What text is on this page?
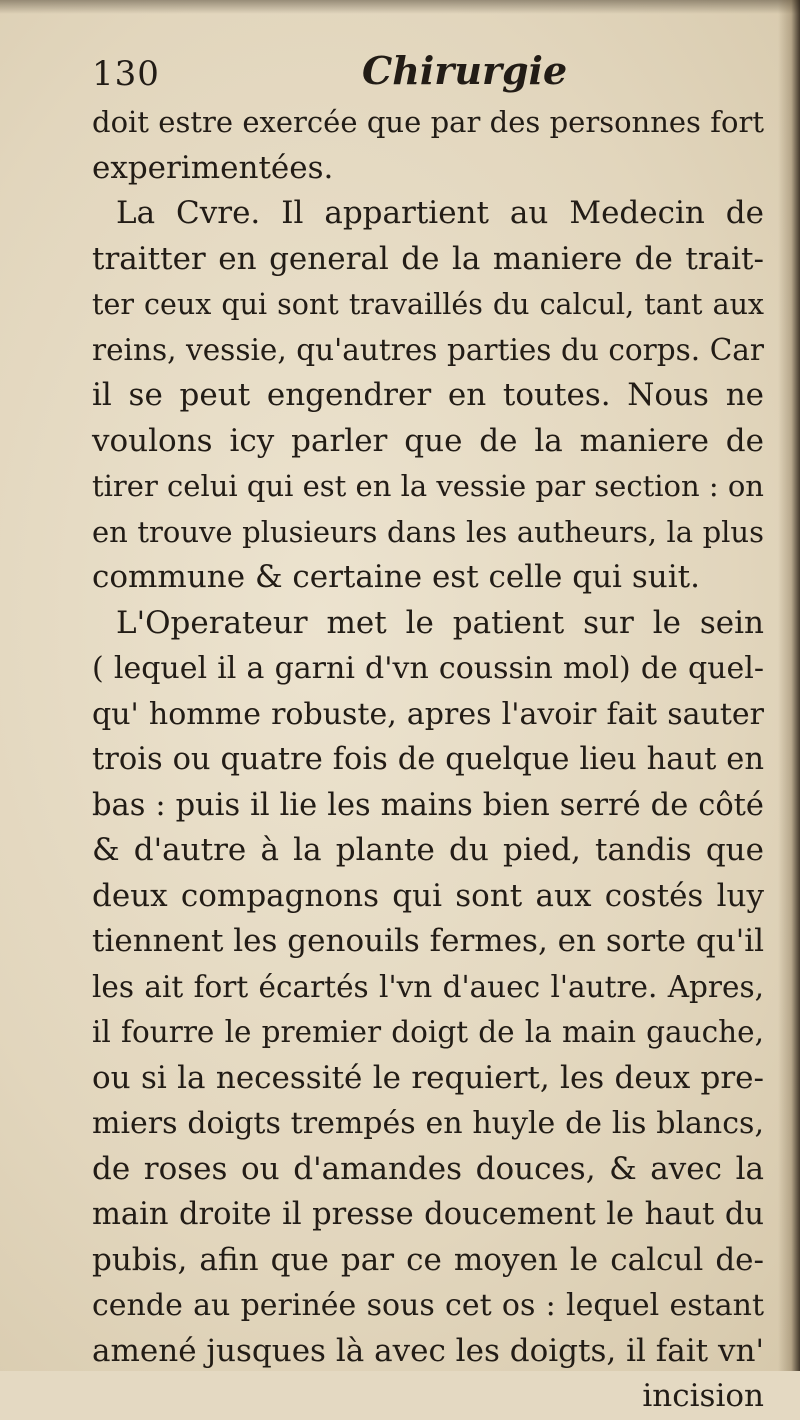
130	Chirurgie
doit estre exercée que par des personnes fort
experimentées.
La Cvre. Il appartient au Medecin de
traitter en general de la maniere de trait-
ter ceux qui sont travaillés du calcul, tant aux
reins, vessie, qu'autres parties du corps. Car
il se peut engendrer en toutes. Nous ne
voulons icy parler que de la maniere de
tirer celui qui est en la vessie par section : on
en trouve plusieurs dans les autheurs, la plus
commune & certaine est celle qui suit.
L'Operateur met le patient sur le sein
( lequel il a garni d'vn coussin mol) de quel-
qu' homme robuste, apres l'avoir fait sauter
trois ou quatre fois de quelque lieu haut en
bas : puis il lie les mains bien serré de côté
& d'autre à la plante du pied, tandis que
deux compagnons qui sont aux costés luy
tiennent les genouils fermes, en sorte qu'il
les ait fort écartés l'vn d'auec l'autre. Apres,
il fourre le premier doigt de la main gauche,
ou si la necessité le requiert, les deux pre-
miers doigts trempés en huyle de lis blancs,
de roses ou d'amandes douces, & avec la
main droite il presse doucement le haut du
pubis, afin que par ce moyen le calcul de-
cende au perinée sous cet os : lequel estant
amené jusques là avec les doigts, il fait vn'
incision
